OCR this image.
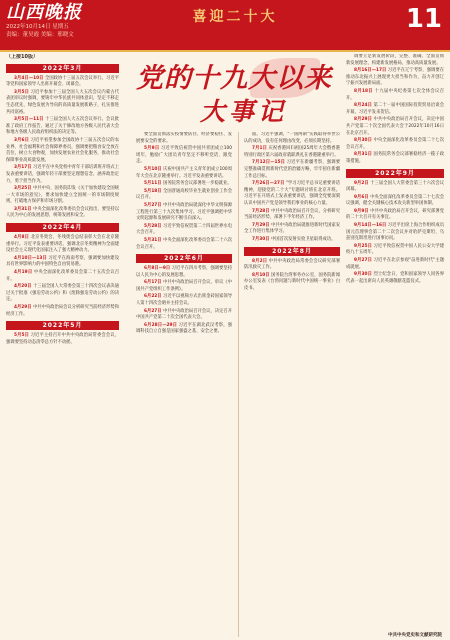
山西晚报
2022年10月14日 星期五
责编：董昊霞 美编：邢晓文
喜迎二十大	11
党的十九大以来
大事记
（上接10版）
2022年3月

3月4日—10日 全国政协十三届五次会议举行。习近平等党和国家领导人出席开幕会、闭幕会。

3月5日 习近平参加十三届全国人大五次会议内蒙古代表团审议时强调，要铸牢中华民族共同体意识，坚定不移走生态优先、绿色发展为导向的高质量发展新路子，扎实推进共同富裕。

3月5日—11日 十三届全国人大五次会议举行。会议批准了政府工作报告，通过了关于修改地方各级人民代表大会和地方各级人民政府组织法的决定等。

3月6日 习近平看望参加全国政协十三届五次会议的农业界、社会福利和社会保障界委员，强调要把粮食安全放在首位，树立大食物观，加快发展农业社会化服务，推动社会保障事业高质量发展。

3月17日 习近平在中央党校中青年干部培训班开班式上发表重要讲话，强调年轻干部要坚定理想信念，涵养政治定力，勇于担当作为。

3月25日 中共中央、国务院印发《关于加快建设全国统一大市场的意见》，要求加快建立全国统一的市场制度规则，打破地方保护和市场分割。

3月31日 中央全面深化改革委员会会议指出，要坚持以人民为中心的发展思想，统筹发展和安全。

2022年4月

4月8日 北京冬奥会、冬残奥会总结表彰大会在北京隆重举行。习近平发表重要讲话，强调北京冬奥精神为全面建设社会主义现代化国家注入了强大精神动力。

4月10日—13日 习近平在海南考察，强调要加快建设具有世界影响力的中国特色自由贸易港。

4月19日 中央全面深化改革委员会第二十五次会议召开。

4月20日 十三届全国人大常委会第三十四次会议表决通过关于批准《强迫劳动公约》和《废除强迫劳动公约》的决定。

4月29日 中共中央政治局会议分析研究当前经济形势和经济工作。

2022年5月

5月5日 习近平主持召开中共中央政治局常委会会议，强调要坚持动态清零总方针不动摇。

要全面贯彻落实疫情要防住、经济要稳住、发展要安全的要求。

5月9日 习近平致信祝贺中国共青团成立100周年，勉励广大团员青年坚定不移听党话、跟党走。

5月10日 庆祝中国共产主义青年团成立100周年大会在北京隆重举行。习近平发表重要讲话。

5月11日 国务院常务会议部署进一步稳就业。

5月18日 全国普通高校毕业生就业创业工作会议召开。

5月27日 中共中央政治局就深化中华文明探源工程进行第三十九次集体学习。习近平强调把中华文明起源和发展研究不断引向深入。

5月28日 习近平致信祝贺第二十四届世界水电大会召开。

5月31日 中央全面深化改革委员会第二十六次会议召开。

2022年6月

6月8日—9日 习近平在四川考察，强调要坚持以人民为中心的发展思想。

6月17日 中共中央政治局召开会议，审议《中国共产党组织工作条例》。

6月22日 习近平以视频方式出席金砖国家领导人第十四次会晤并主持会议。

6月27日 中共中央政治局召开会议，决定召开中国共产党第二十次全国代表大会。

6月28日—29日 习近平在湖北武汉考察，强调科技自立自强是国家强盛之基、安全之要。

面。习近平强调，"一国两制"实践取得举世公认的成功，没有任何理由改变，必须长期坚持。

7月1日 庆祝香港回归祖国25周年大会暨香港特别行政区第六届政府就职典礼在香港隆重举行。

7月12日—15日 习近平在新疆考察，强调要完整准确贯彻新时代党的治疆方略，牢牢扭住新疆工作总目标。

7月26日—27日 "学习习近平总书记重要讲话精神，迎接党的二十大"专题研讨班在北京开班。习近平在开班式上发表重要讲话，强调全党要深刻认识中国共产党是领导我们事业的核心力量。

7月28日 中共中央政治局召开会议，分析研究当前经济形势，部署下半年经济工作。

7月29日 中共中央政治局就推进新时代国家安全工作进行集体学习。

7月30日 中国首次发射实验卫星取得成功。

2022年8月

8月2日 中共中央政治局常委会会议研究部署防汛救灾工作。

8月10日 国务院台湾事务办公室、国务院新闻办公室发表《台湾问题与新时代中国统一事业》白皮书。

调要立足新发展阶段，完整、准确、全面贯彻新发展理念，构建新发展格局，推动高质量发展。

8月16日—17日 习近平在辽宁考察，强调要在推动东北振兴上展现更大担当和作为，奋力开创辽宁振兴发展新局面。

8月18日 十九届中央纪委第七次全体会议召开。

8月24日 第二十一届中国国际投资贸易洽谈会开幕，习近平发来贺信。

8月29日 中共中央政治局召开会议，决定中国共产党第二十次全国代表大会于2022年10月16日在北京召开。

8月30日 中央全面深化改革委员会第二十七次会议召开。

8月31日 国务院常务会议部署稳经济一揽子政策措施。

2022年9月

9月2日 十三届全国人大常委会第三十六次会议闭幕。

9月6日 中央全面深化改革委员会第二十七次会议强调，健全关键核心技术攻关新型举国体制。

9月9日 中共中央政治局召开会议，研究部署党的二十大召开有关事宜。

9月14日—16日 习近平出席上海合作组织成员国元首理事会第二十二次会议并对哈萨克斯坦、乌兹别克斯坦进行国事访问。

9月25日 习近平致信祝贺中国人民公安大学建校九十五周年。

9月27日 习近平在北京参观"奋进新时代"主题成就展。

9月30日 烈士纪念日，党和国家领导人同各界代表一起出席向人民英雄敬献花篮仪式。

中共中央党史和文献研究院
